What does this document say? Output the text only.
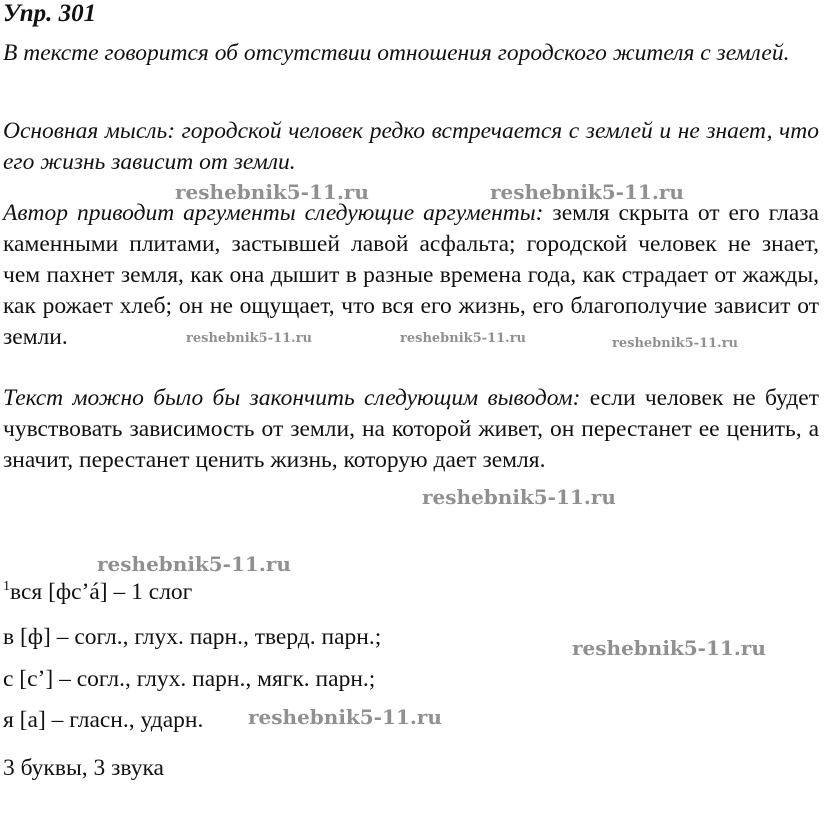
Упр. 301

В тексте говорится об отсутствии отношения городского жителя с землей.

Основная мысль: городской человек редко встречается с землей и не знает, что его жизнь зависит от земли.

Автор приводит аргументы следующие аргументы: земля скрыта от его глаза каменными плитами, застывшей лавой асфальта; городской человек не знает, чем пахнет земля, как она дышит в разные времена года, как страдает от жажды, как рожает хлеб; он не ощущает, что вся его жизнь, его благополучие зависит от земли.

Текст можно было бы закончить следующим выводом: если человек не будет чувствовать зависимость от земли, на которой живет, он перестанет ее ценить, а значит, перестанет ценить жизнь, которую дает земля.

$^1$вся [фс’á] – 1 слог

в [ф] – согл., глух. парн., тверд. парн.;

с [с’] – согл., глух. парн., мягк. парн.;

я [а] – гласн., ударн.

3 буквы, 3 звука

reshebnik5-11.ru	reshebnik5-11.ru
reshebnik5-11.ru	reshebnik5-11.ru	reshebnik5-11.ru
reshebnik5-11.ru
reshebnik5-11.ru
reshebnik5-11.ru
reshebnik5-11.ru
